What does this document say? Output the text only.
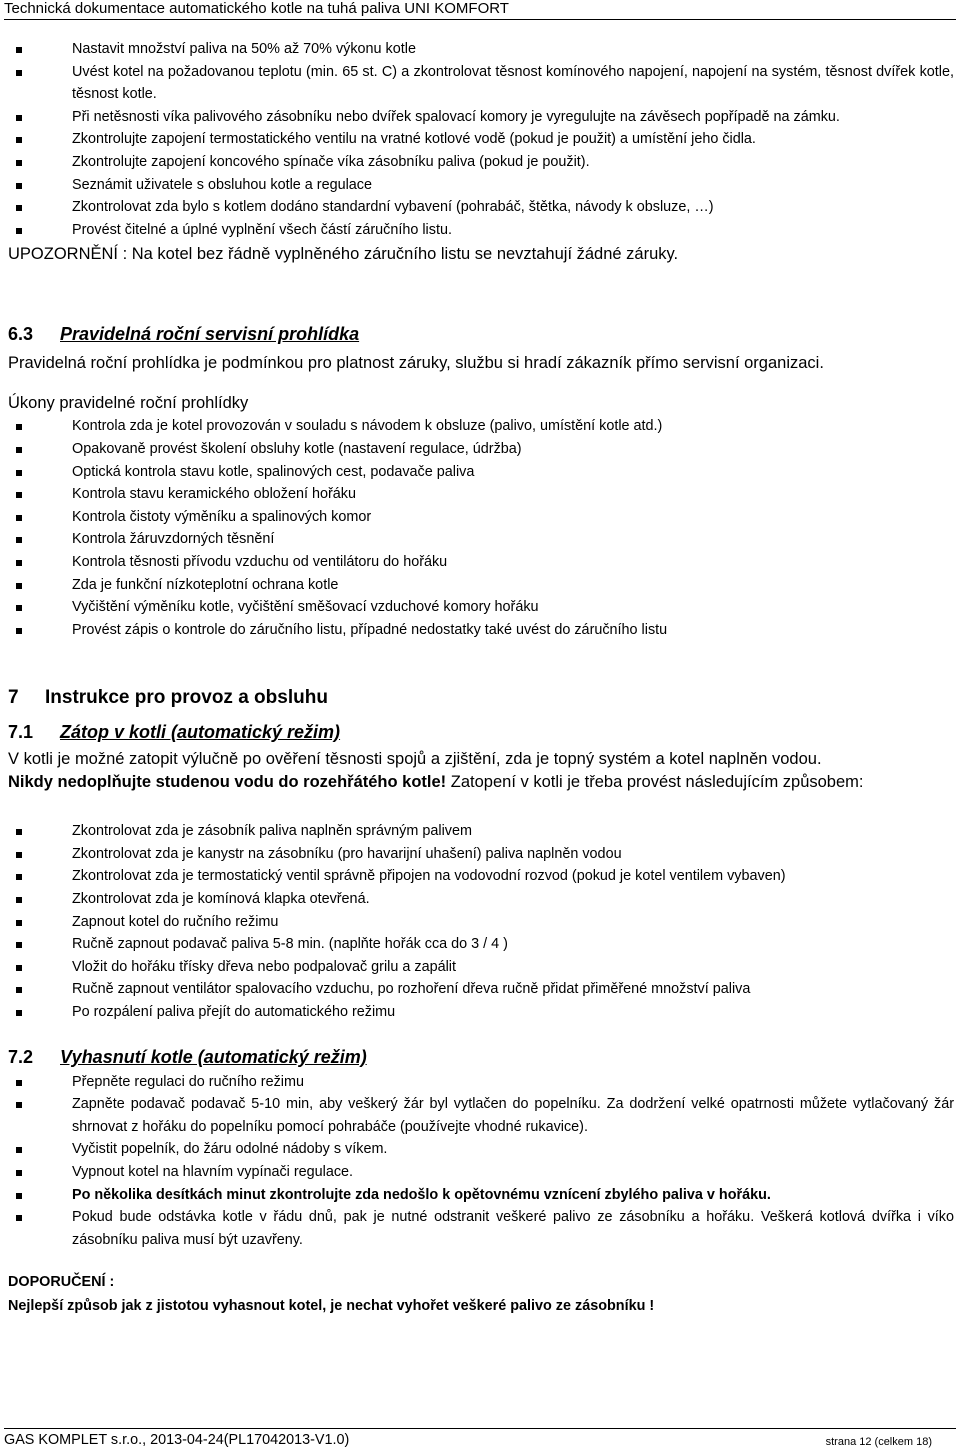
Technická dokumentace automatického kotle na tuhá paliva UNI KOMFORT
Nastavit množství paliva na 50% až 70% výkonu kotle
Uvést kotel na požadovanou teplotu (min. 65 st. C) a zkontrolovat těsnost komínového napojení, napojení na systém, těsnost dvířek kotle, těsnost kotle.
Při netěsnosti víka palivového zásobníku nebo dvířek spalovací komory je vyregulujte na závěsech popřípadě na zámku.
Zkontrolujte zapojení termostatického ventilu na vratné kotlové vodě (pokud je použit) a umístění jeho čidla.
Zkontrolujte zapojení koncového spínače víka zásobníku paliva (pokud je použit).
Seznámit uživatele s obsluhou kotle a regulace
Zkontrolovat zda bylo s kotlem dodáno standardní vybavení (pohrabáč, štětka, návody k obsluze, …)
Provést čitelné a úplné vyplnění všech částí záručního listu.

UPOZORNĚNÍ : Na kotel bez řádně vyplněného záručního listu se nevztahují žádné záruky.

6.3 Pravidelná roční servisní prohlídka

Pravidelná roční prohlídka je podmínkou pro platnost záruky, službu si hradí zákazník přímo servisní organizaci.

Úkony pravidelné roční prohlídky

Kontrola zda je kotel provozován v souladu s návodem k obsluze (palivo, umístění kotle atd.)
Opakovaně provést školení obsluhy kotle (nastavení regulace, údržba)
Optická kontrola stavu kotle, spalinových cest, podavače paliva
Kontrola stavu keramického obložení hořáku
Kontrola čistoty výměníku a spalinových komor
Kontrola žáruvzdorných těsnění
Kontrola těsnosti přívodu vzduchu od ventilátoru do hořáku
Zda je funkční nízkoteplotní ochrana kotle
Vyčištění výměníku kotle, vyčištění směšovací vzduchové komory hořáku
Provést zápis o kontrole do záručního listu, případné nedostatky také uvést do záručního listu
7 Instrukce pro provoz a obsluhu
7.1 Zátop v kotli (automatický režim)

V kotli je možné zatopit výlučně po ověření těsnosti spojů a zjištění, zda je topný systém a kotel naplněn vodou.

Nikdy nedoplňujte studenou vodu do rozehřátého kotle! Zatopení v kotli je třeba provést následujícím způsobem:

Zkontrolovat zda je zásobník paliva naplněn správným palivem
Zkontrolovat zda je kanystr na zásobníku (pro havarijní uhašení) paliva naplněn vodou
Zkontrolovat zda je termostatický ventil správně připojen na vodovodní rozvod (pokud je kotel ventilem vybaven)
Zkontrolovat zda je komínová klapka otevřená.
Zapnout kotel do ručního režimu
Ručně zapnout podavač paliva 5-8 min. (naplňte hořák cca do 3 / 4 )
Vložit do hořáku třísky dřeva nebo podpalovač grilu a zapálit
Ručně zapnout ventilátor spalovacího vzduchu, po rozhoření dřeva ručně přidat přiměřené množství paliva
Po rozpálení paliva přejít do automatického režimu
7.2 Vyhasnutí kotle (automatický režim)
Přepněte regulaci do ručního režimu
Zapněte podavač podavač 5-10 min, aby veškerý žár byl vytlačen do popelníku. Za dodržení velké opatrnosti můžete vytlačovaný žár shrnovat z hořáku do popelníku pomocí pohrabáče (používejte vhodné rukavice).
Vyčistit popelník, do žáru odolné nádoby s víkem.
Vypnout kotel na hlavním vypínači regulace.
Po několika desítkách minut zkontrolujte zda nedošlo k opětovnému vznícení zbylého paliva v hořáku.
Pokud bude odstávka kotle v řádu dnů, pak je nutné odstranit veškeré palivo ze zásobníku a hořáku. Veškerá kotlová dvířka i víko zásobníku paliva musí být uzavřeny.

DOPORUČENÍ :

Nejlepší způsob jak z jistotou vyhasnout kotel, je nechat vyhořet veškeré palivo ze zásobníku !

GAS KOMPLET s.r.o., 2013-04-24(PL17042013-V1.0)	strana 12 (celkem 18)
